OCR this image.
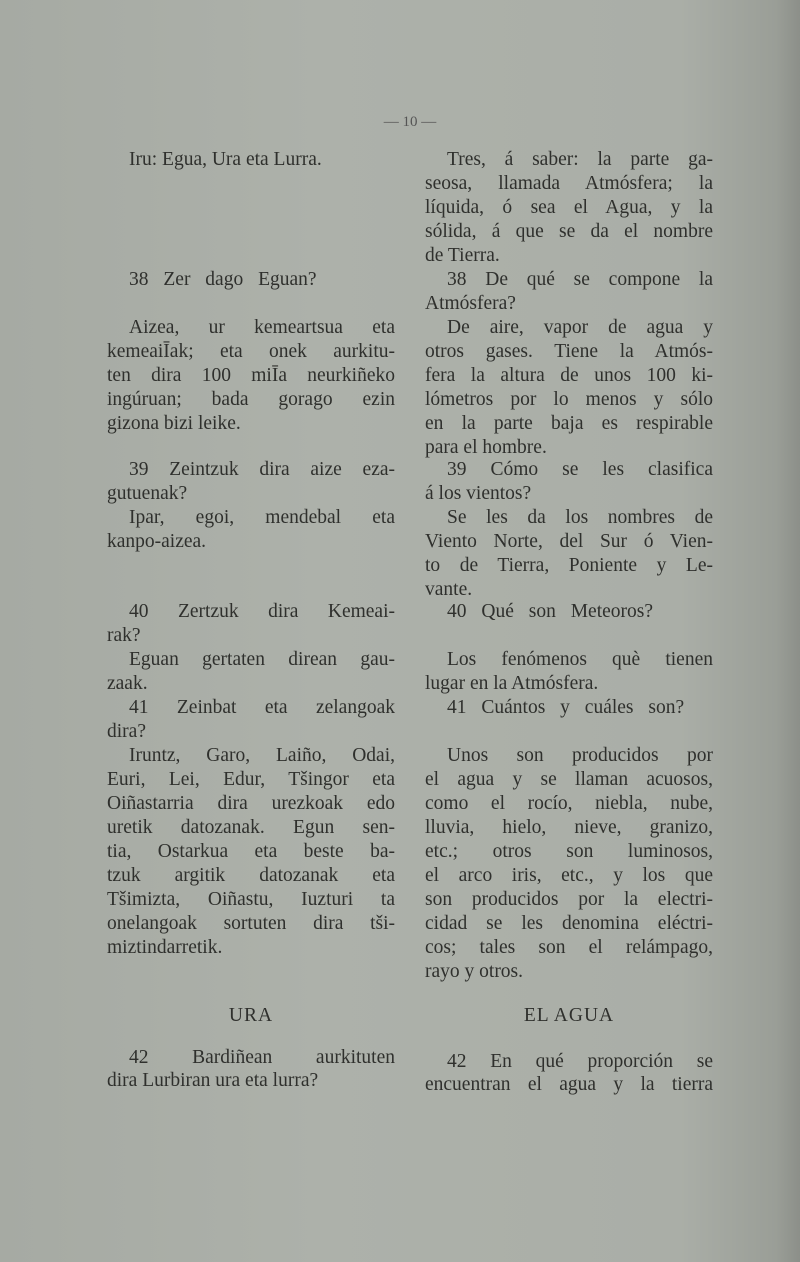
— 10 —
Iru: Egua, Ura eta Lurra.
38 Zer dago Eguan?
Aizea, ur kemeartsua eta
kemeaiĪak; eta onek aurkitu-
ten dira 100 miĪa neurkiñeko
ingúruan; bada gorago ezin
gizona bizi leike.
39 Zeintzuk dira aize eza-
gutuenak?
Ipar, egoi, mendebal eta
kanpo-aizea.
40 Zertzuk dira Kemeai-
rak?
Eguan gertaten direan gau-
zaak.
41 Zeinbat eta zelangoak
dira?
Iruntz, Garo, Laiño, Odai,
Euri, Lei, Edur, Tšingor eta
Oiñastarria dira urezkoak edo
uretik datozanak. Egun sen-
tia, Ostarkua eta beste ba-
tzuk argitik datozanak eta
Tšimizta, Oiñastu, Iuzturi ta
onelangoak sortuten dira tši-
miztindarretik.
URA
42 Bardiñean aurkituten
dira Lurbiran ura eta lurra?
Tres, á saber: la parte ga-
seosa, llamada Atmósfera; la
líquida, ó sea el Agua, y la
sólida, á que se da el nombre
de Tierra.
38 De qué se compone la
Atmósfera?
De aire, vapor de agua y
otros gases. Tiene la Atmós-
fera la altura de unos 100 ki-
lómetros por lo menos y sólo
en la parte baja es respirable
para el hombre.
39 Cómo se les clasifica
á los vientos?
Se les da los nombres de
Viento Norte, del Sur ó Vien-
to de Tierra, Poniente y Le-
vante.
40 Qué son Meteoros?
Los fenómenos què tienen
lugar en la Atmósfera.
41 Cuántos y cuáles son?
Unos son producidos por
el agua y se llaman acuosos,
como el rocío, niebla, nube,
lluvia, hielo, nieve, granizo,
etc.; otros son luminosos,
el arco iris, etc., y los que
son producidos por la electri-
cidad se les denomina eléctri-
cos; tales son el relámpago,
rayo y otros.
EL AGUA
42 En qué proporción se
encuentran el agua y la tierra
